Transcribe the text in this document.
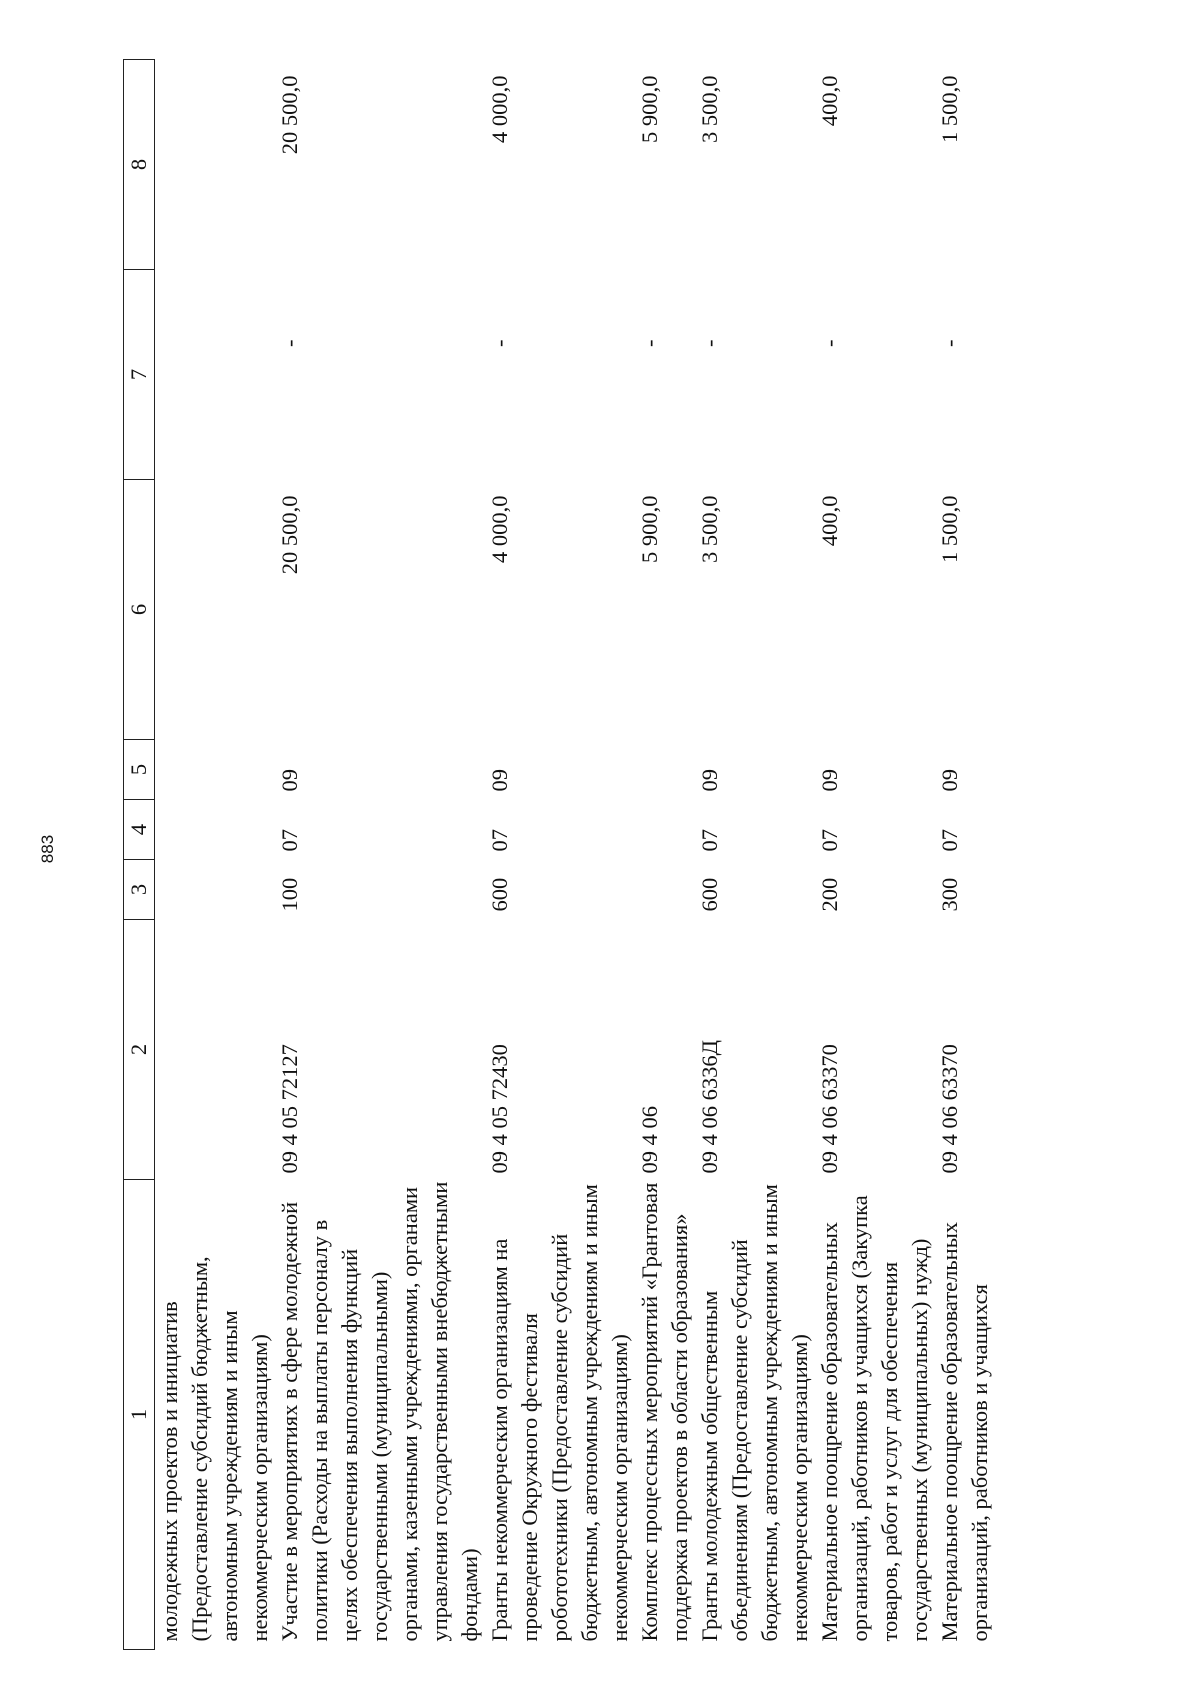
883
1	2	3	4	5	6	7	8
молодежных проектов и инициатив (Предоставление субсидий бюджетным, автономным учреждениям и иным некоммерческим организациям)							
Участие в мероприятиях в сфере молодежной политики (Расходы на выплаты персоналу в целях обеспечения выполнения функций государственными (муниципальными) органами, казенными учреждениями, органами управления государственными внебюджетными фондами)	09 4 05 72127	100	07	09	20 500,0	-	20 500,0
Гранты некоммерческим организациям на проведение Окружного фестиваля робототехники (Предоставление субсидий бюджетным, автономным учреждениям и иным некоммерческим организациям)	09 4 05 72430	600	07	09	4 000,0	-	4 000,0
Комплекс процессных мероприятий «Грантовая поддержка проектов в области образования»	09 4 06				5 900,0	-	5 900,0
Гранты молодежным общественным объединениям (Предоставление субсидий бюджетным, автономным учреждениям и иным некоммерческим организациям)	09 4 06 6336Д	600	07	09	3 500,0	-	3 500,0
Материальное поощрение образовательных организаций, работников и учащихся (Закупка товаров, работ и услуг для обеспечения государственных (муниципальных) нужд)	09 4 06 63370	200	07	09	400,0	-	400,0
Материальное поощрение образовательных организаций, работников и учащихся	09 4 06 63370	300	07	09	1 500,0	-	1 500,0
